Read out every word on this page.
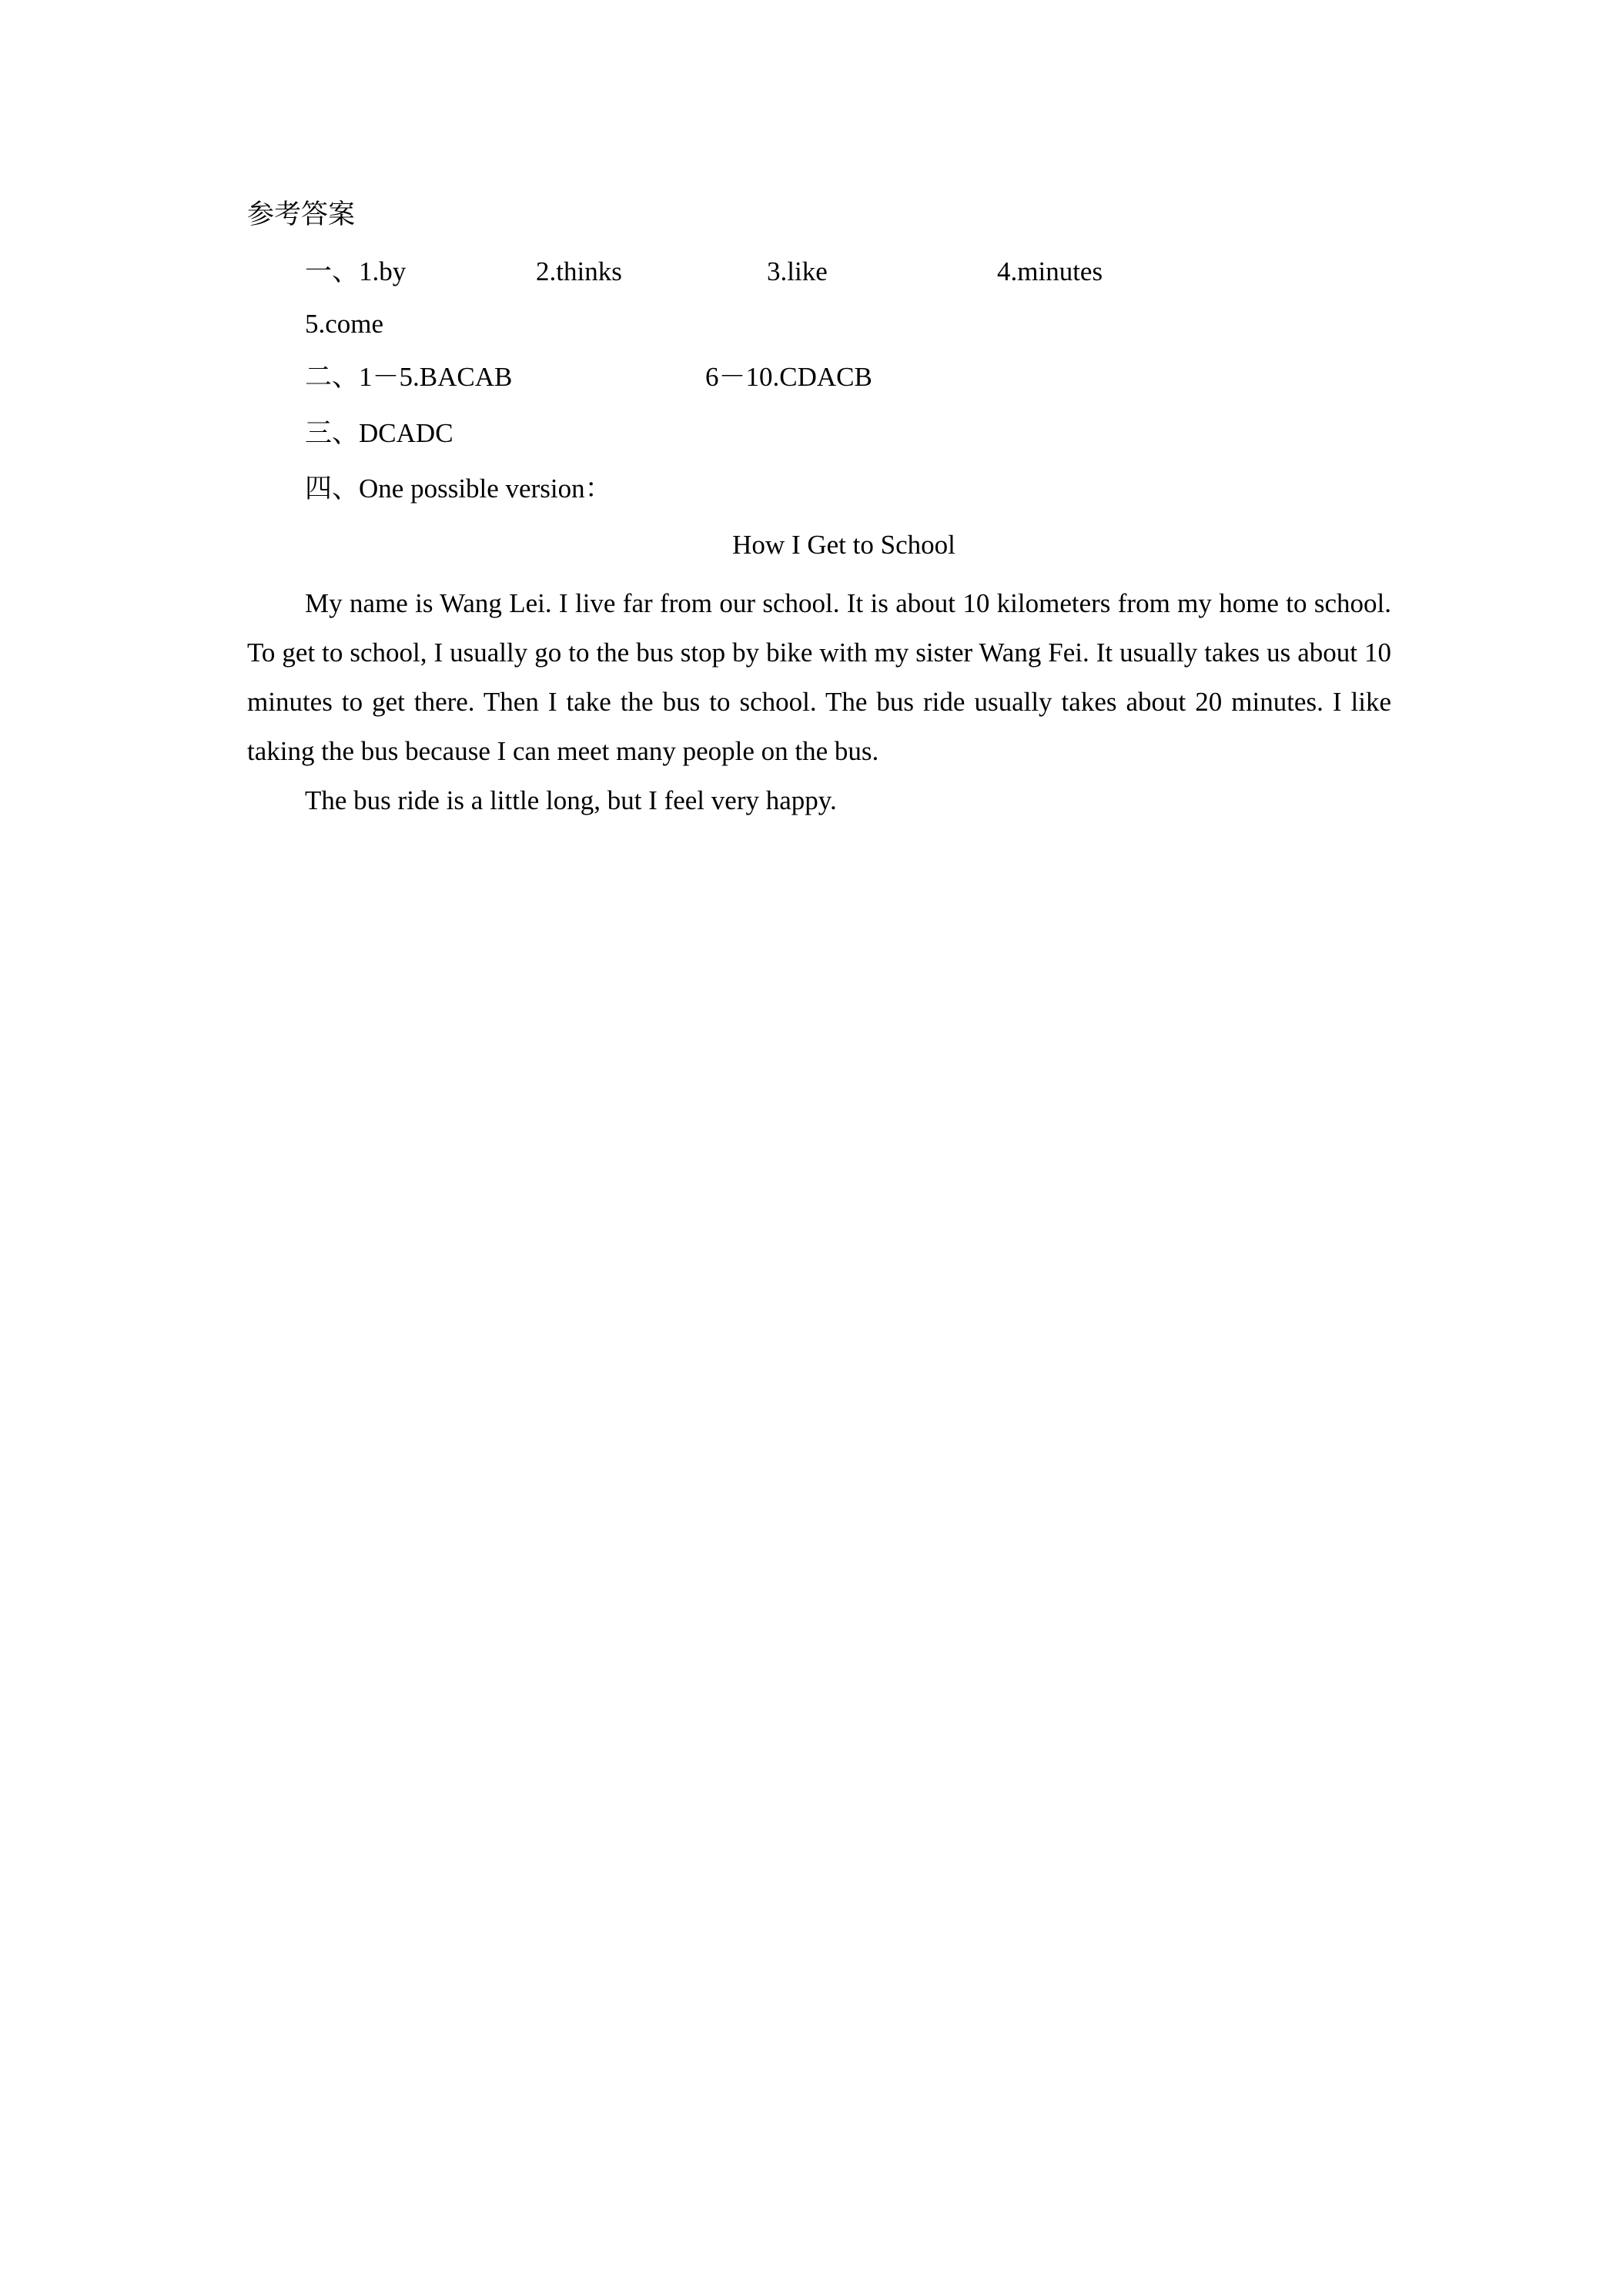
参考答案
一、1.by	2.thinks	3.like	4.minutes
5.come
二、1－5.BACAB	6－10.CDACB
三、DCADC
四、One possible version：
How I Get to School

My name is Wang Lei. I live far from our school. It is about 10 kilometers from my home to school. To get to school, I usually go to the bus stop by bike with my sister Wang Fei. It usually takes us about 10 minutes to get there. Then I take the bus to school. The bus ride usually takes about 20 minutes. I like taking the bus because I can meet many people on the bus.

The bus ride is a little long, but I feel very happy.
